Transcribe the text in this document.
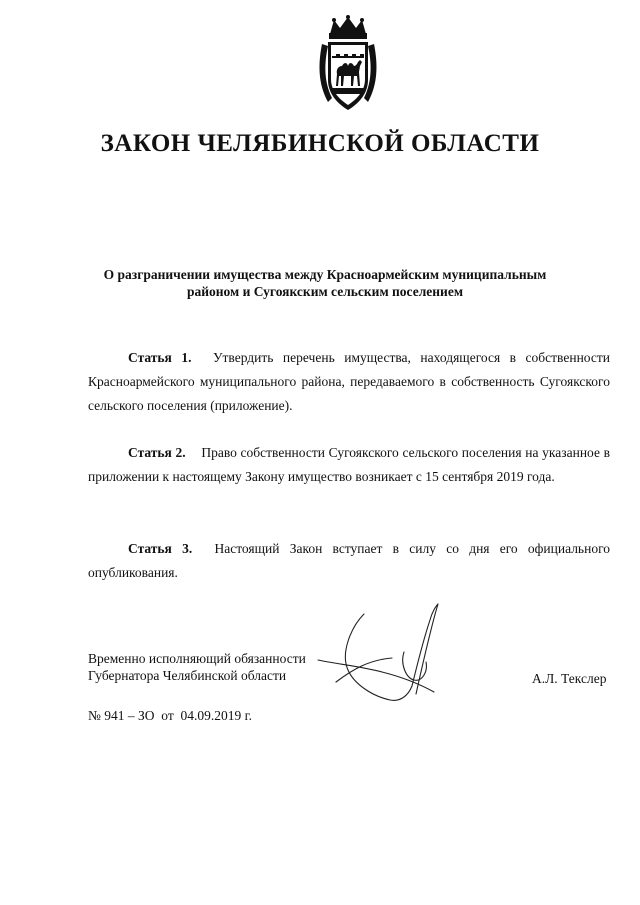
ЗАКОН ЧЕЛЯБИНСКОЙ ОБЛАСТИ
О разграничении имущества между Красноармейским муниципальным
районом и Сугоякским сельским поселением

Статья 1. Утвердить перечень имущества, находящегося в собственности Красноармейского муниципального района, передаваемого в собственность Сугоякского сельского поселения (приложение).

Статья 2. Право собственности Сугоякского сельского поселения на указанное в приложении к настоящему Закону имущество возникает с 15 сентября 2019 года.

Статья 3. Настоящий Закон вступает в силу со дня его официального опубликования.

Временно исполняющий обязанности
Губернатора Челябинской области	А.Л. Текслер
№ 941 – ЗО  от  04.09.2019 г.
